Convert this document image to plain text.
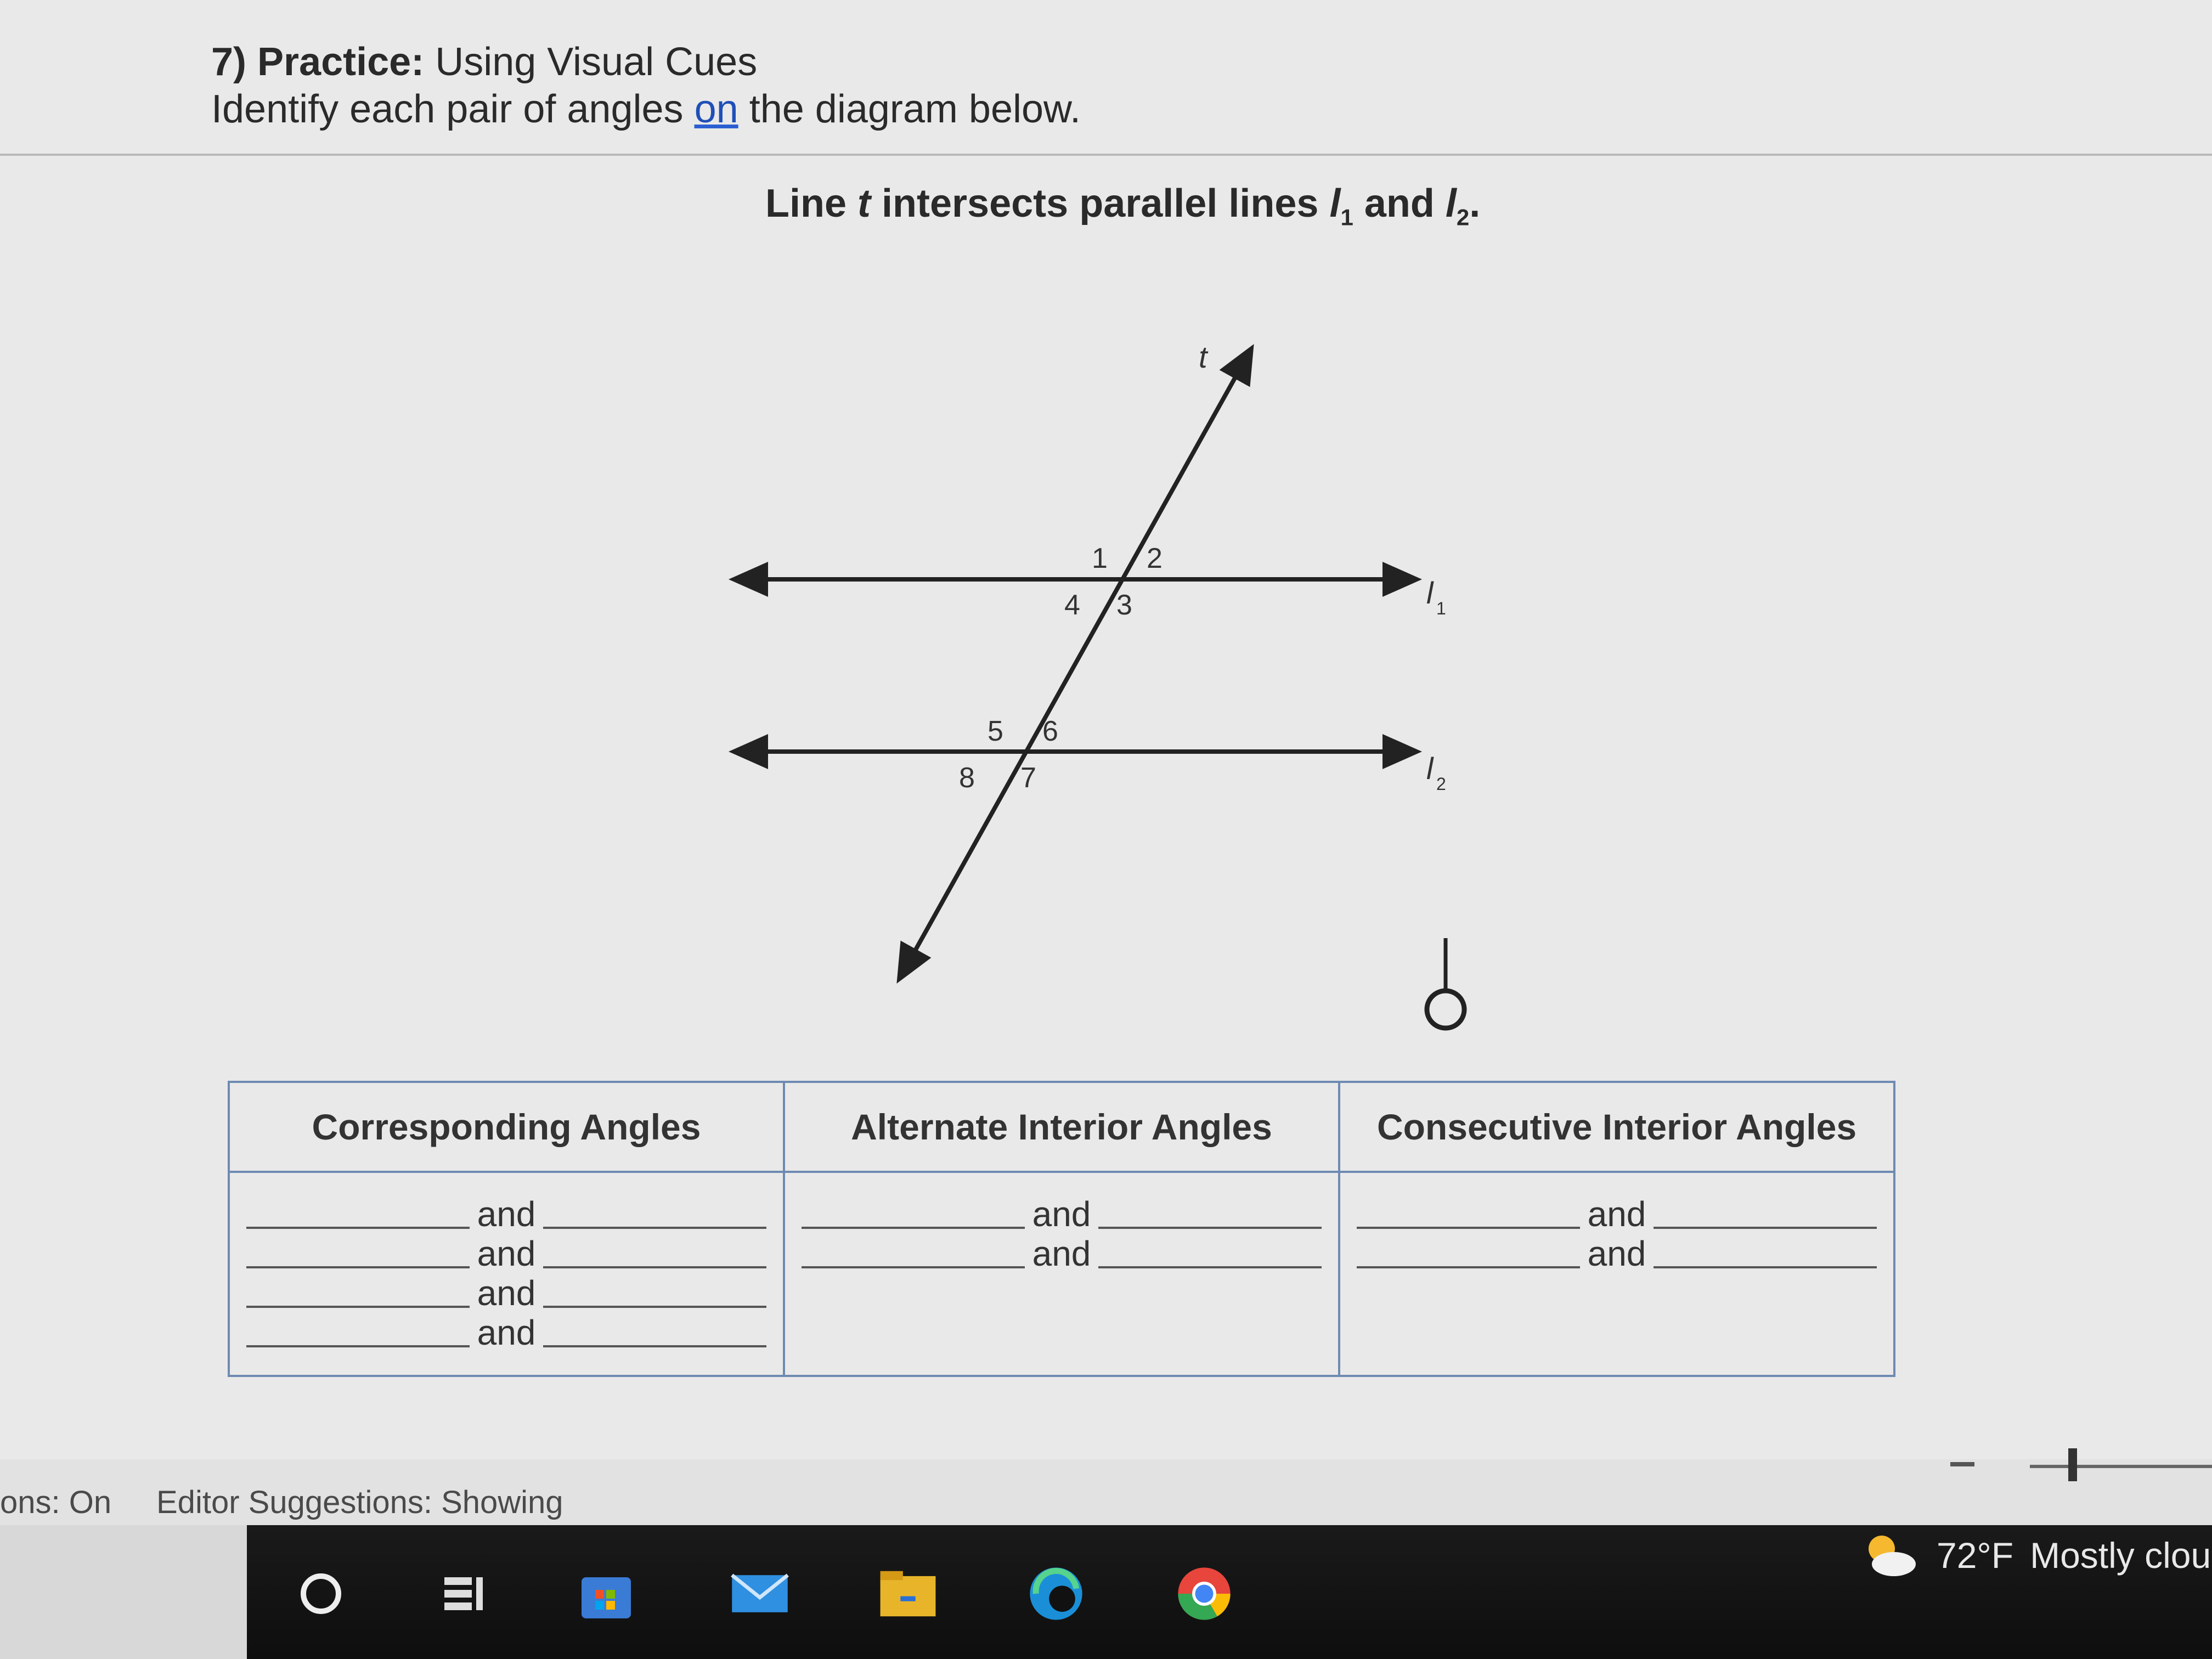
7) Practice: Using Visual Cues
Identify each pair of angles on the diagram below.
Line t intersects parallel lines $l_1$ and $l_2$.
t
l 1
l 2
1 2
3
4
5 6
7
8
Corresponding Angles
and
and
and
and
Alternate Interior Angles
and
and
Consecutive Interior Angles
and
and
ons: On Editor Suggestions: Showing
72°F Mostly clou
